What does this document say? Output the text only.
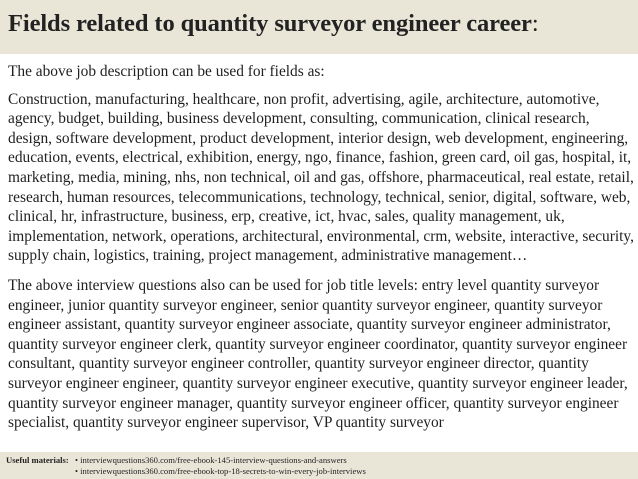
Fields related to quantity surveyor engineer career:

The above job description can be used for fields as:

Construction, manufacturing, healthcare, non profit, advertising, agile, architecture, automotive, agency, budget, building, business development, consulting, communication, clinical research, design, software development, product development, interior design, web development, engineering, education, events, electrical, exhibition, energy, ngo, finance, fashion, green card, oil gas, hospital, it, marketing, media, mining, nhs, non technical, oil and gas, offshore, pharmaceutical, real estate, retail, research, human resources, telecommunications, technology, technical, senior, digital, software, web, clinical, hr, infrastructure, business, erp, creative, ict, hvac, sales, quality management, uk, implementation, network, operations, architectural, environmental, crm, website, interactive, security, supply chain, logistics, training, project management, administrative management…

The above interview questions also can be used for job title levels: entry level quantity surveyor engineer, junior quantity surveyor engineer, senior quantity surveyor engineer, quantity surveyor engineer assistant, quantity surveyor engineer associate, quantity surveyor engineer administrator, quantity surveyor engineer clerk, quantity surveyor engineer coordinator, quantity surveyor engineer consultant, quantity surveyor engineer controller, quantity surveyor engineer director, quantity surveyor engineer engineer, quantity surveyor engineer executive, quantity surveyor engineer leader, quantity surveyor engineer manager, quantity surveyor engineer officer, quantity surveyor engineer specialist, quantity surveyor engineer supervisor, VP quantity surveyor

Useful materials: • interviewquestions360.com/free-ebook-145-interview-questions-and-answers
• interviewquestions360.com/free-ebook-top-18-secrets-to-win-every-job-interviews
